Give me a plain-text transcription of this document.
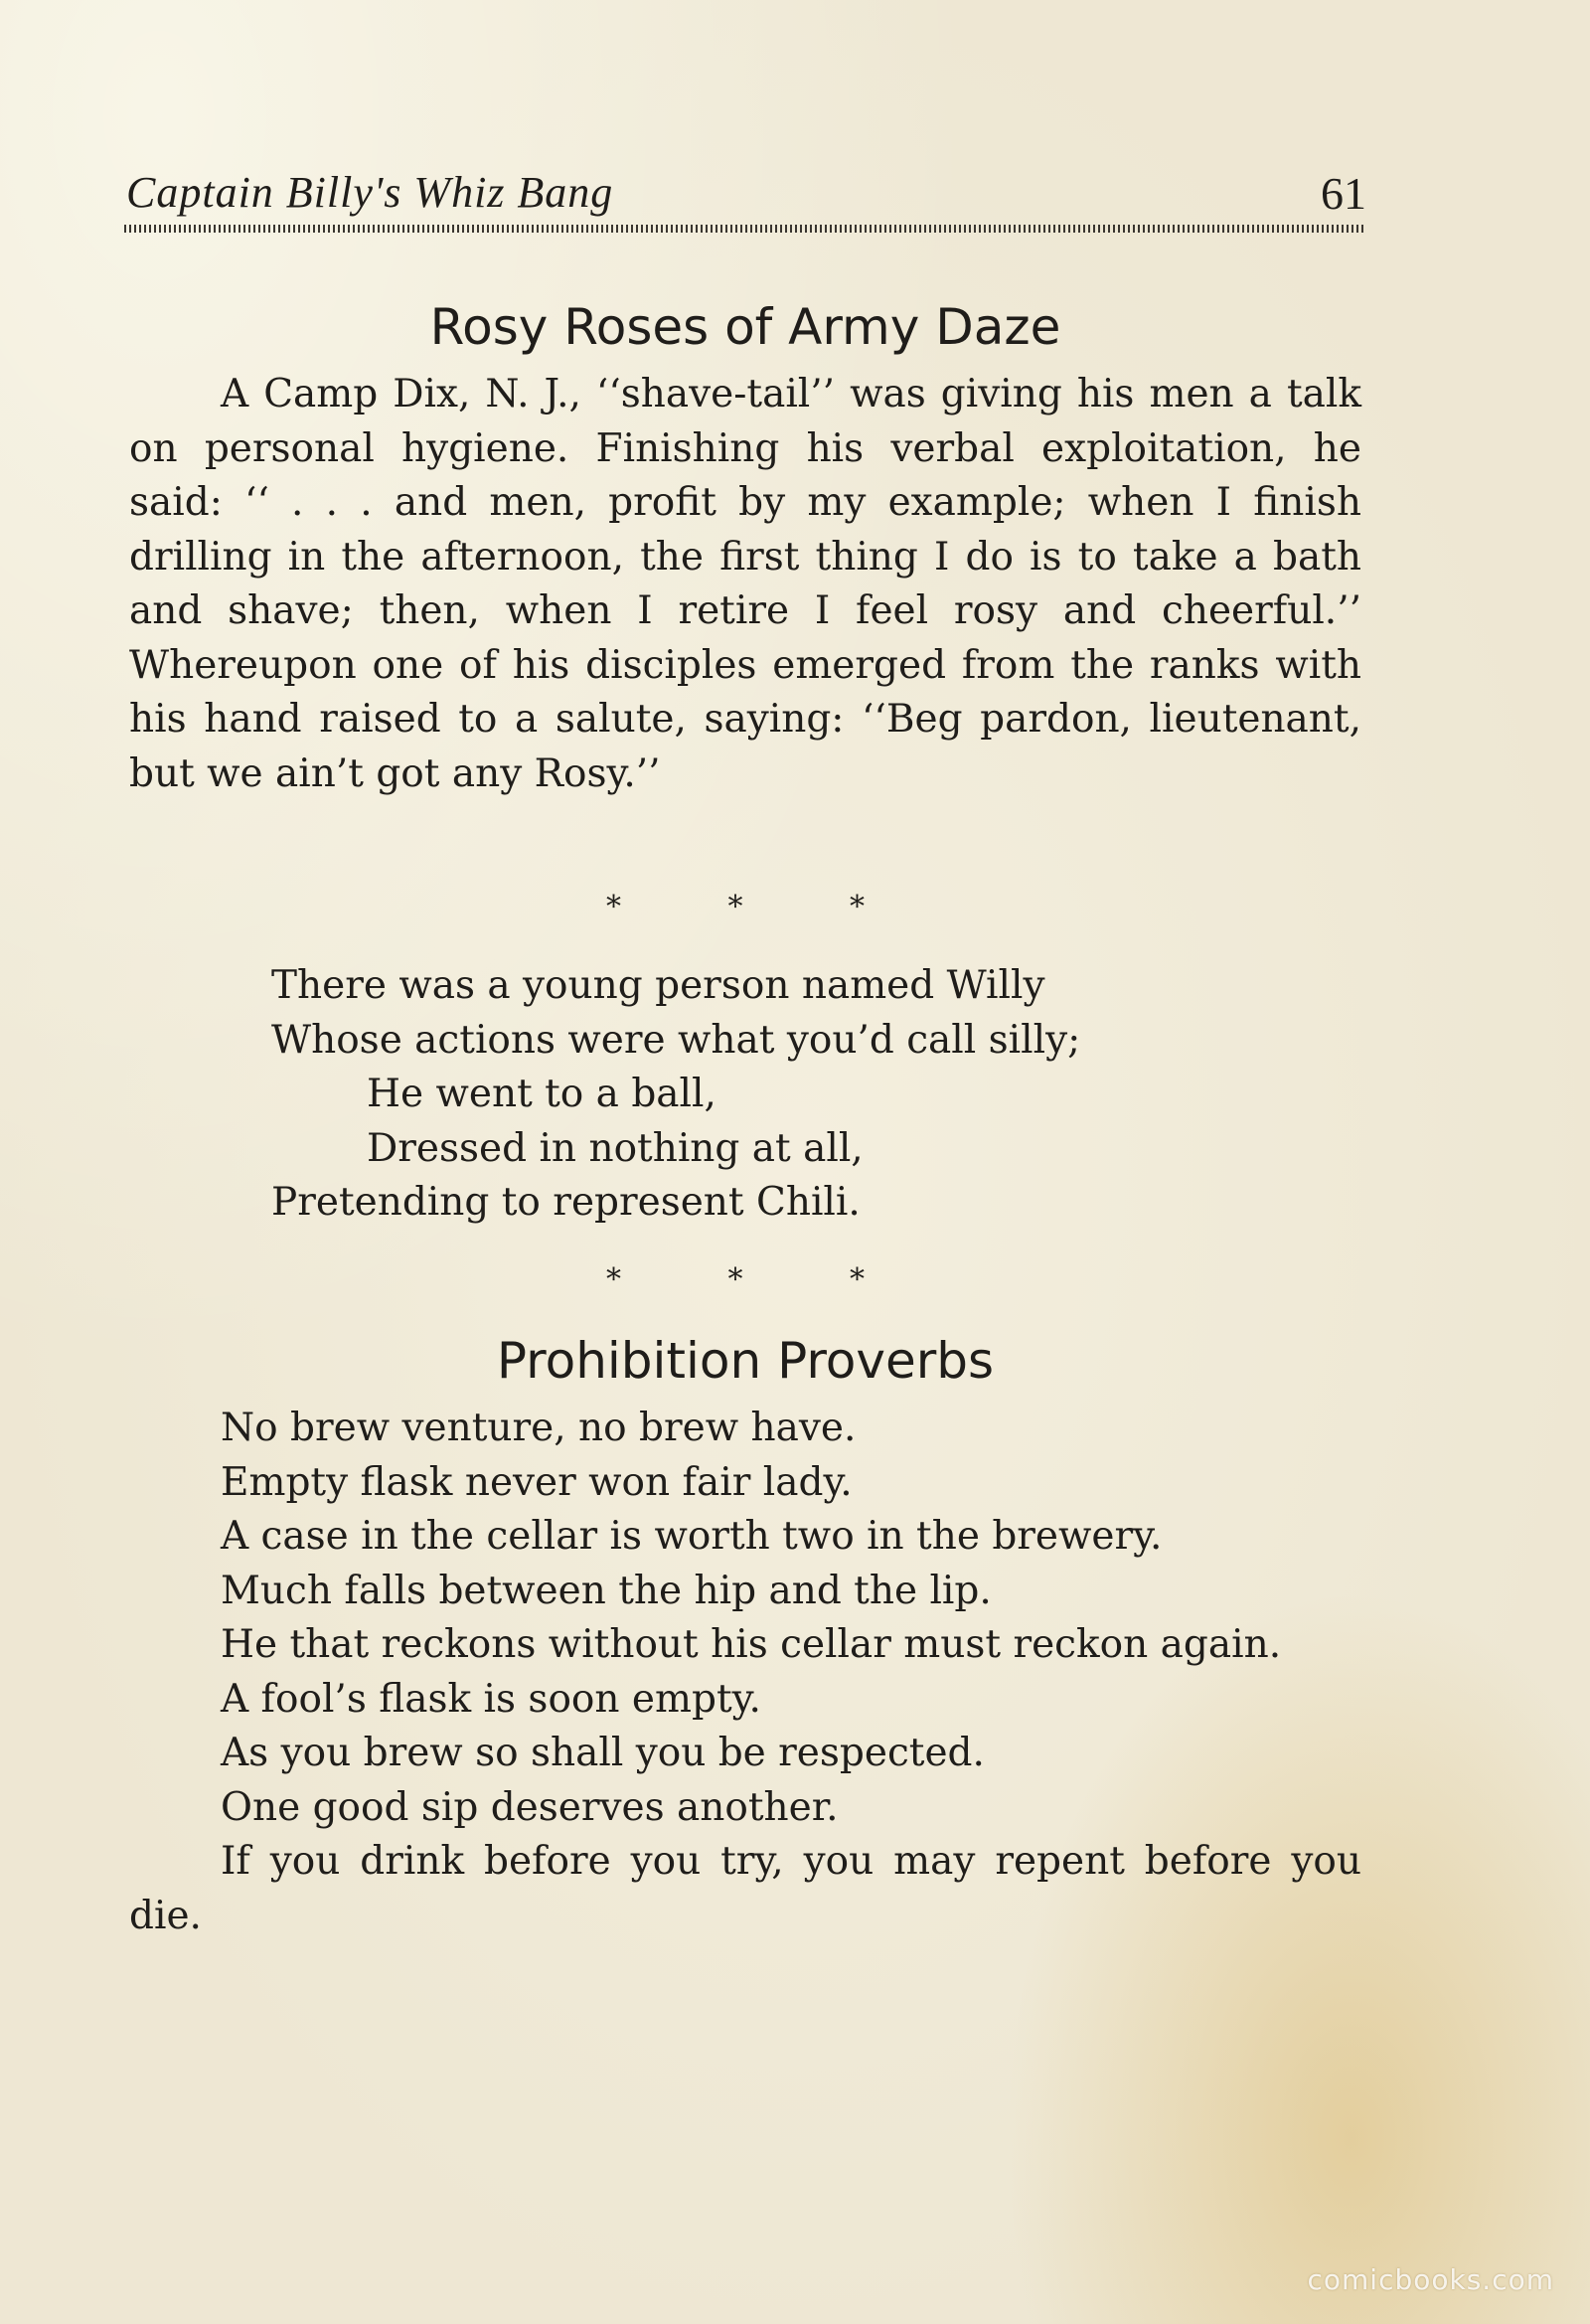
Captain Billy's Whiz Bang	61
Rosy Roses of Army Daze

A Camp Dix, N. J., ‘‘shave-tail’’ was giving his men a talk on personal hygiene. Finishing his verbal exploitation, he said: ‘‘ . . . and men, profit by my example; when I finish drilling in the afternoon, the first thing I do is to take a bath and shave; then, when I retire I feel rosy and cheerful.’’ Whereupon one of his disciples emerged from the ranks with his hand raised to a salute, saying: ‘‘Beg pardon, lieutenant, but we ain’t got any Rosy.’’

*	*	*
There was a young person named Willy
Whose actions were what you’d call silly;
He went to a ball,
Dressed in nothing at all,
Pretending to represent Chili.
*	*	*
Prohibition Proverbs
No brew venture, no brew have.
Empty flask never won fair lady.
A case in the cellar is worth two in the brewery.
Much falls between the hip and the lip.
He that reckons without his cellar must reckon again.
A fool’s flask is soon empty.
As you brew so shall you be respected.
One good sip deserves another.
If you drink before you try, you may repent before you die.
comicbooks.com
